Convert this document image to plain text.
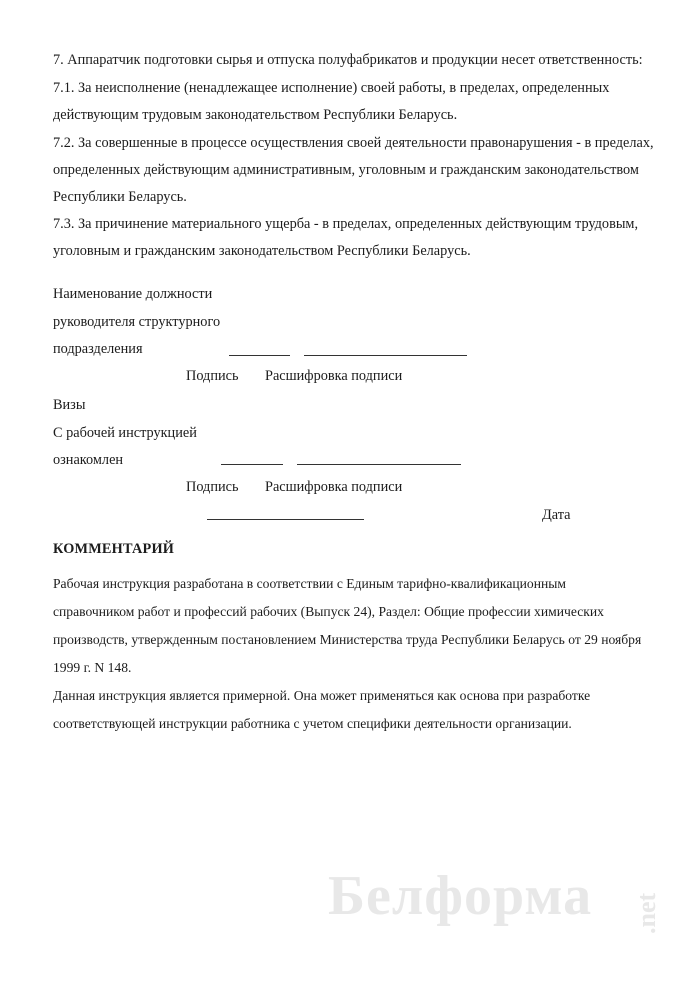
7. Аппаратчик подготовки сырья и отпуска полуфабрикатов и продукции несет ответственность:
7.1. За неисполнение (ненадлежащее исполнение) своей работы, в пределах, определенных
действующим трудовым законодательством Республики Беларусь.
7.2. За совершенные в процессе осуществления своей деятельности правонарушения - в пределах,
определенных действующим административным, уголовным и гражданским законодательством
Республики Беларусь.
7.3. За причинение материального ущерба - в пределах, определенных действующим трудовым,
уголовным и гражданским законодательством Республики Беларусь.
Наименование должности
руководителя структурного
подразделения
Подпись Расшифровка подписи
Визы
С рабочей инструкцией
ознакомлен
Подпись Расшифровка подписи
Дата
КОММЕНТАРИЙ
Рабочая инструкция разработана в соответствии с Единым тарифно-квалификационным
справочником работ и профессий рабочих (Выпуск 24), Раздел: Общие профессии химических
производств, утвержденным постановлением Министерства труда Республики Беларусь от 29 ноября
1999 г. N 148.
Данная инструкция является примерной. Она может применяться как основа при разработке
соответствующей инструкции работника с учетом специфики деятельности организации.
Белформа .net
